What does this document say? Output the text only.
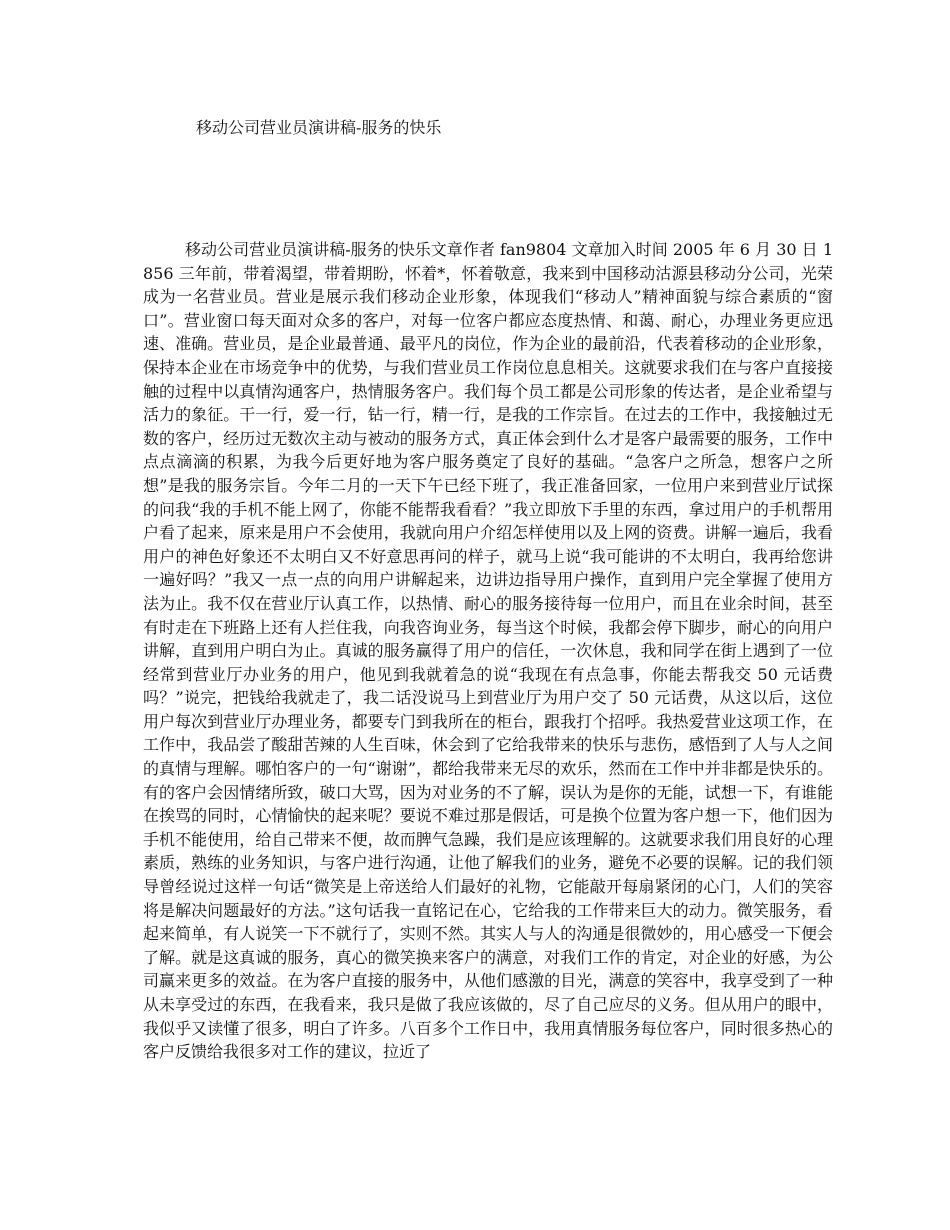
移动公司营业员演讲稿-服务的快乐

移动公司营业员演讲稿-服务的快乐文章作者 fan9804 文章加入时间 2005 年 6 月 30 日 1856 三年前，带着渴望，带着期盼，怀着*，怀着敬意，我来到中国移动沽源县移动分公司，光荣成为一名营业员。营业是展示我们移动企业形象，体现我们“移动人”精神面貌与综合素质的“窗口”。营业窗口每天面对众多的客户，对每一位客户都应态度热情、和蔼、耐心，办理业务更应迅速、准确。营业员，是企业最普通、最平凡的岗位，作为企业的最前沿，代表着移动的企业形象，保持本企业在市场竞争中的优势，与我们营业员工作岗位息息相关。这就要求我们在与客户直接接触的过程中以真情沟通客户，热情服务客户。我们每个员工都是公司形象的传达者，是企业希望与活力的象征。干一行，爱一行，钻一行，精一行，是我的工作宗旨。在过去的工作中，我接触过无数的客户，经历过无数次主动与被动的服务方式，真正体会到什么才是客户最需要的服务，工作中点点滴滴的积累，为我今后更好地为客户服务奠定了良好的基础。“急客户之所急，想客户之所想”是我的服务宗旨。今年二月的一天下午已经下班了，我正准备回家，一位用户来到营业厅试探的问我“我的手机不能上网了，你能不能帮我看看？”我立即放下手里的东西，拿过用户的手机帮用户看了起来，原来是用户不会使用，我就向用户介绍怎样使用以及上网的资费。讲解一遍后，我看用户的神色好象还不太明白又不好意思再问的样子，就马上说“我可能讲的不太明白，我再给您讲一遍好吗？”我又一点一点的向用户讲解起来，边讲边指导用户操作，直到用户完全掌握了使用方法为止。我不仅在营业厅认真工作，以热情、耐心的服务接待每一位用户，而且在业余时间，甚至有时走在下班路上还有人拦住我，向我咨询业务，每当这个时候，我都会停下脚步，耐心的向用户讲解，直到用户明白为止。真诚的服务赢得了用户的信任，一次休息，我和同学在街上遇到了一位经常到营业厅办业务的用户，他见到我就着急的说“我现在有点急事，你能去帮我交 50 元话费吗？”说完，把钱给我就走了，我二话没说马上到营业厅为用户交了 50 元话费，从这以后，这位用户每次到营业厅办理业务，都要专门到我所在的柜台，跟我打个招呼。我热爱营业这项工作，在工作中，我品尝了酸甜苦辣的人生百味，休会到了它给我带来的快乐与悲伤，感悟到了人与人之间的真情与理解。哪怕客户的一句“谢谢”，都给我带来无尽的欢乐，然而在工作中并非都是快乐的。有的客户会因情绪所致，破口大骂，因为对业务的不了解，误认为是你的无能，试想一下，有谁能在挨骂的同时，心情愉快的起来呢？要说不难过那是假话，可是换个位置为客户想一下，他们因为手机不能使用，给自己带来不便，故而脾气急躁，我们是应该理解的。这就要求我们用良好的心理素质，熟练的业务知识，与客户进行沟通，让他了解我们的业务，避免不必要的误解。记的我们领导曾经说过这样一句话“微笑是上帝送给人们最好的礼物，它能敲开每扇紧闭的心门，人们的笑容将是解决问题最好的方法。”这句话我一直铭记在心，它给我的工作带来巨大的动力。微笑服务，看起来简单，有人说笑一下不就行了，实则不然。其实人与人的沟通是很微妙的，用心感受一下便会了解。就是这真诚的服务，真心的微笑换来客户的满意，对我们工作的肯定，对企业的好感，为公司赢来更多的效益。在为客户直接的服务中，从他们感激的目光，满意的笑容中，我享受到了一种从未享受过的东西，在我看来，我只是做了我应该做的，尽了自己应尽的义务。但从用户的眼中，我似乎又读懂了很多，明白了许多。八百多个工作日中，我用真情服务每位客户，同时很多热心的客户反馈给我很多对工作的建议，拉近了
